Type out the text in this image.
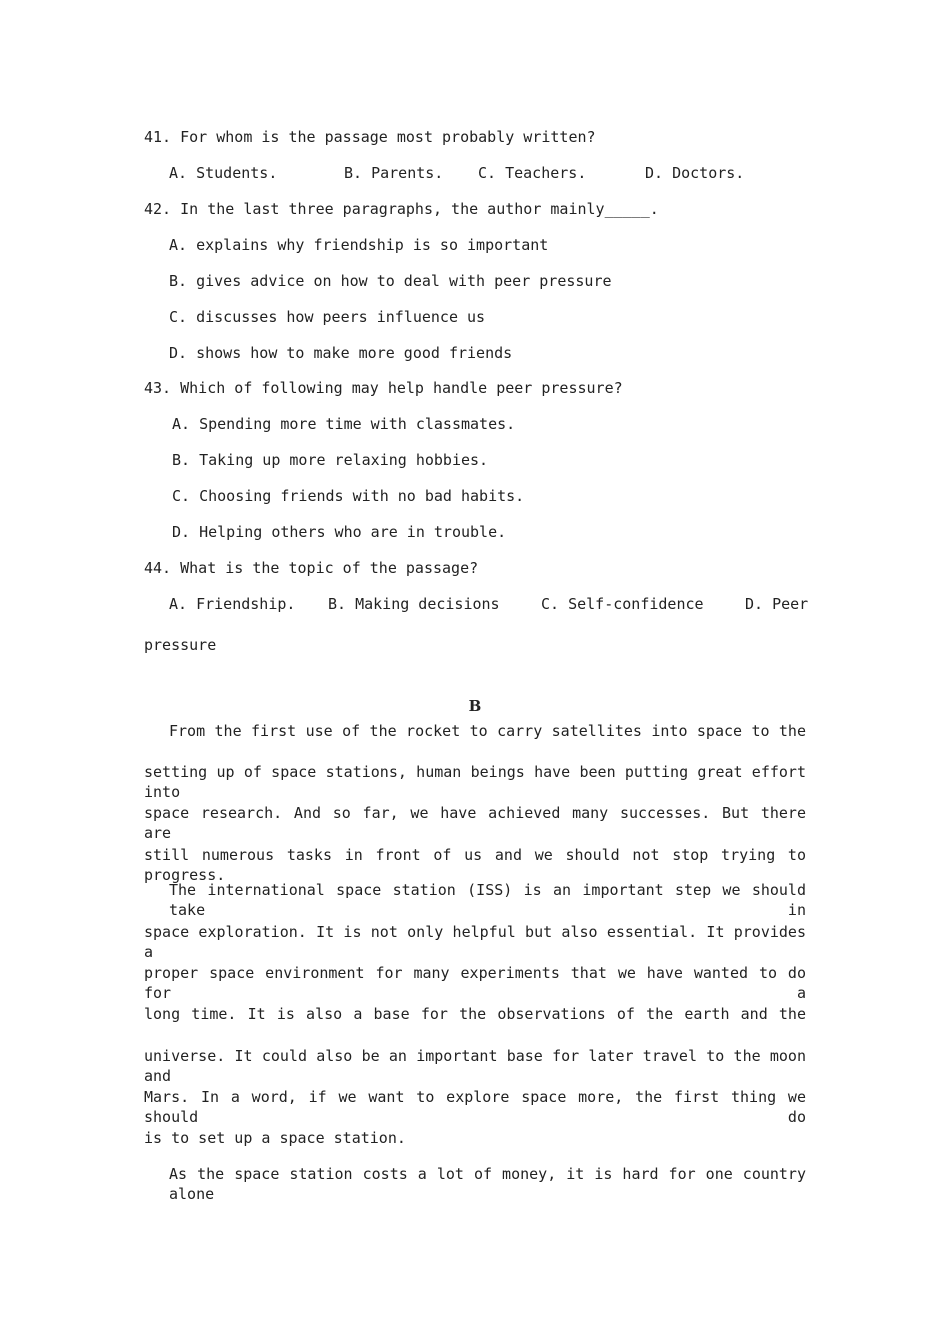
41. For whom is the passage most probably written?
A. Students.	B. Parents. C. Teachers.	D. Doctors.
42. In the last three paragraphs, the author mainly_____.
A. explains why friendship is so important
B. gives advice on how to deal with peer pressure
C. discusses how peers influence us
D. shows how to make more good friends
43. Which of following may help handle peer pressure?
A. Spending more time with classmates.
B. Taking up more relaxing hobbies.
C. Choosing friends with no bad habits.
D. Helping others who are in trouble.
44. What is the topic of the passage?
A. Friendship. B. Making decisions	C. Self-confidence	D. Peer
pressure
B
From the first use of the rocket to carry satellites into space to the
setting up of space stations, human beings have been putting great effort into
space research. And so far, we have achieved many successes. But there are
still numerous tasks in front of us and we should not stop trying to progress.
The international space station (ISS) is an important step we should take in
space exploration. It is not only helpful but also essential. It provides a
proper space environment for many experiments that we have wanted to do for a
long time. It is also a base for the observations of the earth and the
universe. It could also be an important base for later travel to the moon and
Mars. In a word, if we want to explore space more, the first thing we should do
is to set up a space station.
As the space station costs a lot of money, it is hard for one country alone
